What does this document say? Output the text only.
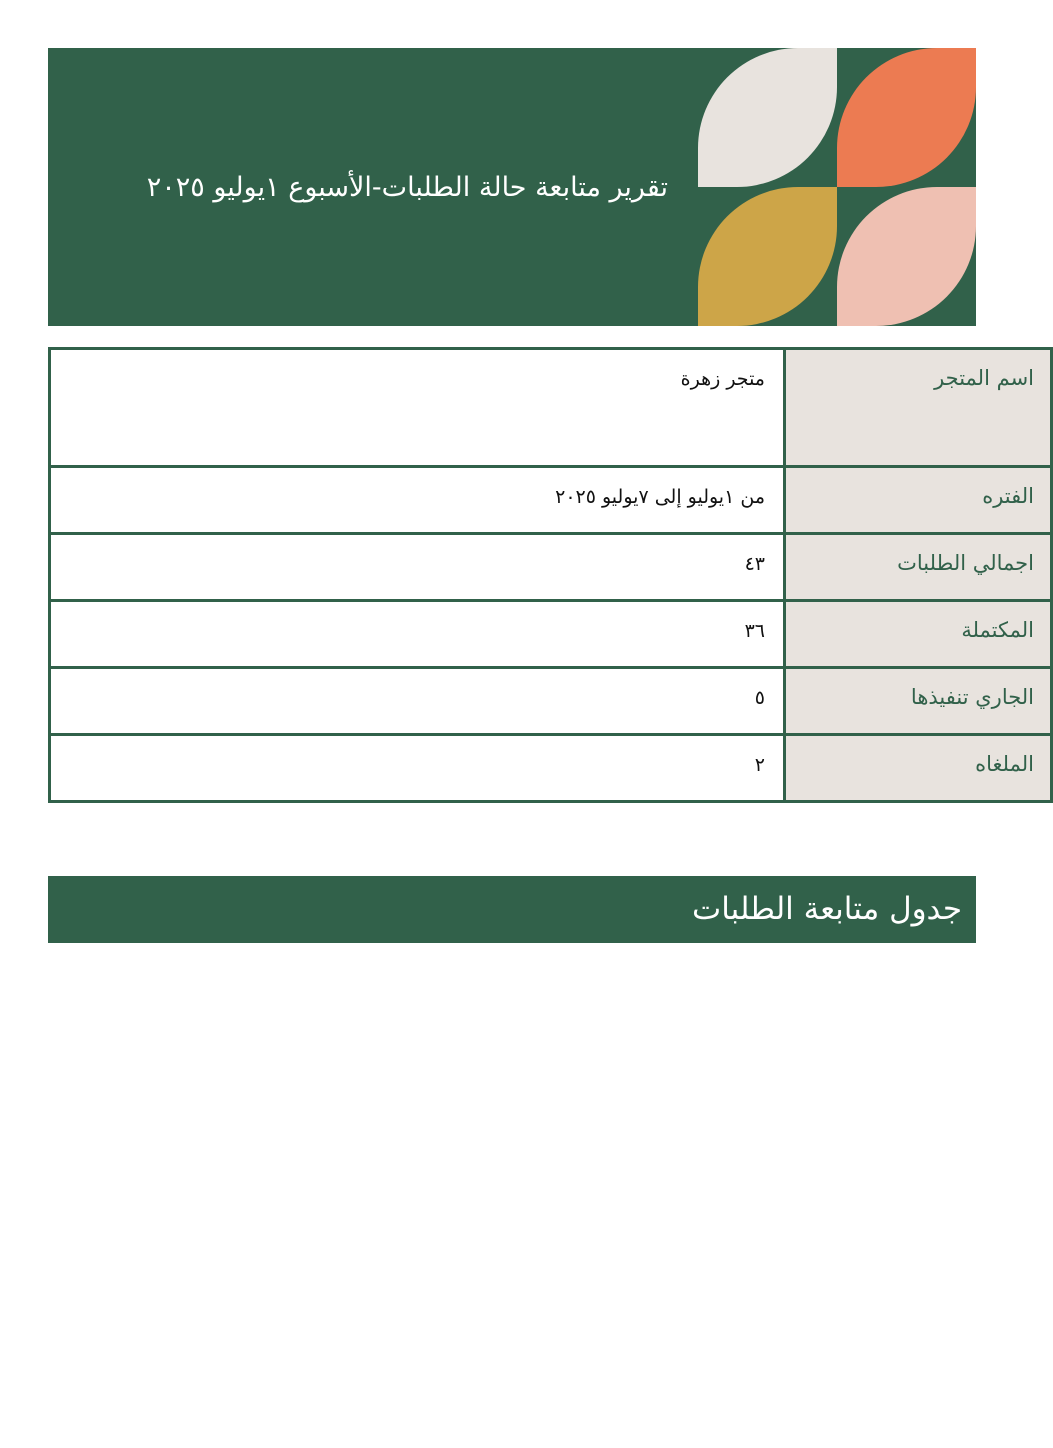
تقرير متابعة حالة الطلبات-الأسبوع ١يوليو ٢٠٢٥
اسم المتجر	متجر زهرة
الفتره	من ١يوليو إلى ٧يوليو ٢٠٢٥
اجمالي الطلبات	٤٣
المكتملة	٣٦
الجاري تنفيذها	٥
الملغاه	٢
جدول متابعة الطلبات
